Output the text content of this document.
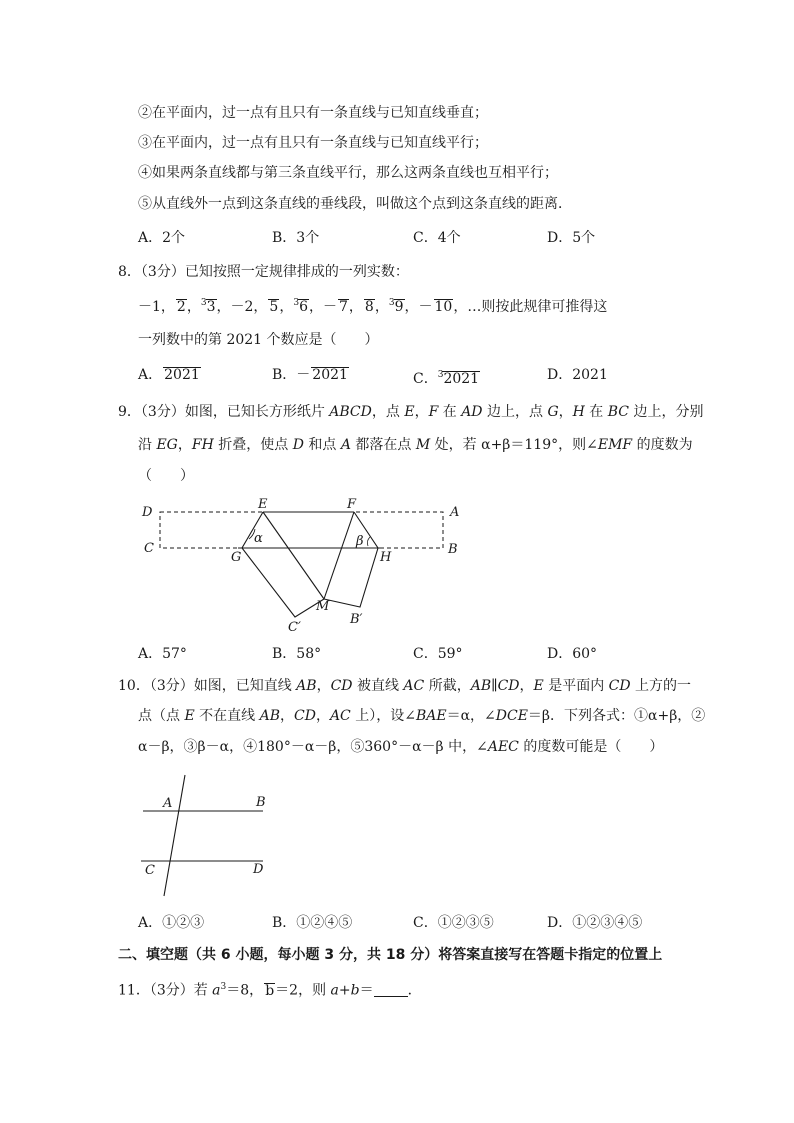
②在平面内，过一点有且只有一条直线与已知直线垂直；
③在平面内，过一点有且只有一条直线与已知直线平行；
④如果两条直线都与第三条直线平行，那么这两条直线也互相平行；
⑤从直线外一点到这条直线的垂线段，叫做这个点到这条直线的距离．
A．2个	B．3个	C．4个	D．5个
8．（3分）已知按照一定规律排成的一列实数：
－1， 2，$^3$3，－2， 5，$^3$6，－ 7， 8，$^3$9，－ 10，…则按此规律可推得这
一列数中的第 2021 个数应是（　　）
A． 2021	B．－ 2021	C．$^3$2021	D．2021
9．（3分）如图，已知长方形纸片 ABCD，点 E，F 在 AD 边上，点 G，H 在 BC 边上，分别
沿 EG，FH 折叠，使点 D 和点 A 都落在点 M 处，若 α+β＝119°，则∠EMF 的度数为
（　　）
D
E	F
A
C	B
G	H
M
C′
B′
α	β
A．57°	B．58°	C．59°	D．60°
10．（3分）如图，已知直线 AB，CD 被直线 AC 所截，AB∥CD，E 是平面内 CD 上方的一
点（点 E 不在直线 AB，CD，AC 上），设∠BAE＝α，∠DCE＝β．下列各式：①α+β，②
α－β，③β－α，④180°－α－β，⑤360°－α－β 中，∠AEC 的度数可能是（　　）
A	B
C	D
A．①②③	B．①②④⑤	C．①②③⑤	D．①②③④⑤
二、填空题（共 6 小题，每小题 3 分，共 18 分）将答案直接写在答题卡指定的位置上
11．（3分）若 $a^3=8$， b＝2，则 a+b＝ ．
